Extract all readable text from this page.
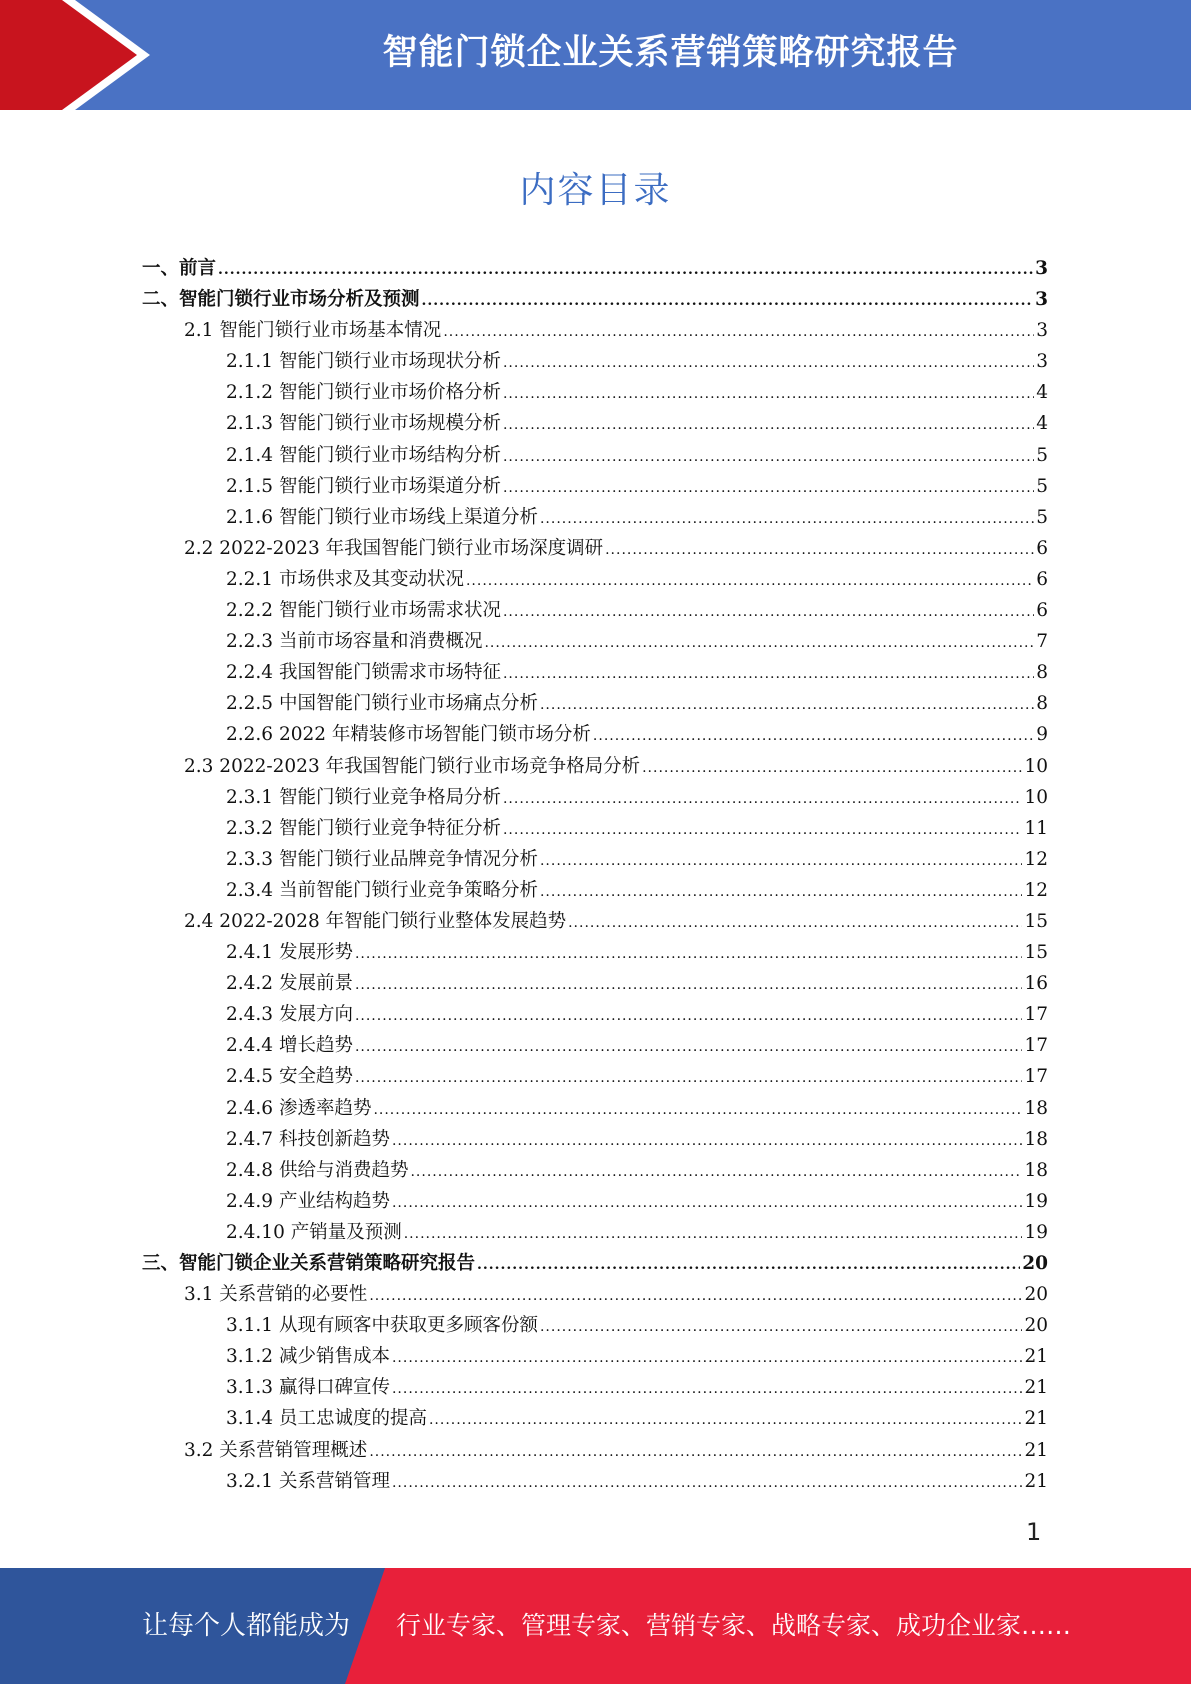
智能门锁企业关系营销策略研究报告
内容目录
一、前言 .....	3
二、智能门锁行业市场分析及预测 .....	3
2.1 智能门锁行业市场基本情况 .....	3
2.1.1 智能门锁行业市场现状分析 .....	3
2.1.2 智能门锁行业市场价格分析 .....	4
2.1.3 智能门锁行业市场规模分析 .....	4
2.1.4 智能门锁行业市场结构分析 .....	5
2.1.5 智能门锁行业市场渠道分析 .....	5
2.1.6 智能门锁行业市场线上渠道分析 .....	5
2.2 2022-2023 年我国智能门锁行业市场深度调研 .....	6
2.2.1 市场供求及其变动状况 .....	6
2.2.2 智能门锁行业市场需求状况 .....	6
2.2.3 当前市场容量和消费概况 .....	7
2.2.4 我国智能门锁需求市场特征 .....	8
2.2.5 中国智能门锁行业市场痛点分析 .....	8
2.2.6 2022 年精装修市场智能门锁市场分析 .....	9
2.3 2022-2023 年我国智能门锁行业市场竞争格局分析 .....	10
2.3.1 智能门锁行业竞争格局分析 .....	10
2.3.2 智能门锁行业竞争特征分析 .....	11
2.3.3 智能门锁行业品牌竞争情况分析 .....	12
2.3.4 当前智能门锁行业竞争策略分析 .....	12
2.4 2022-2028 年智能门锁行业整体发展趋势 .....	15
2.4.1 发展形势 .....	15
2.4.2 发展前景 .....	16
2.4.3 发展方向 .....	17
2.4.4 增长趋势 .....	17
2.4.5 安全趋势 .....	17
2.4.6 渗透率趋势 .....	18
2.4.7 科技创新趋势 .....	18
2.4.8 供给与消费趋势 .....	18
2.4.9 产业结构趋势 .....	19
2.4.10 产销量及预测 .....	19
三、智能门锁企业关系营销策略研究报告 .....	20
3.1 关系营销的必要性 .....	20
3.1.1 从现有顾客中获取更多顾客份额 .....	20
3.1.2 减少销售成本 .....	21
3.1.3 赢得口碑宣传 .....	21
3.1.4 员工忠诚度的提高 .....	21
3.2 关系营销管理概述 .....	21
3.2.1 关系营销管理 .....	21
1
让每个人都能成为 行业专家、管理专家、营销专家、战略专家、成功企业家……
